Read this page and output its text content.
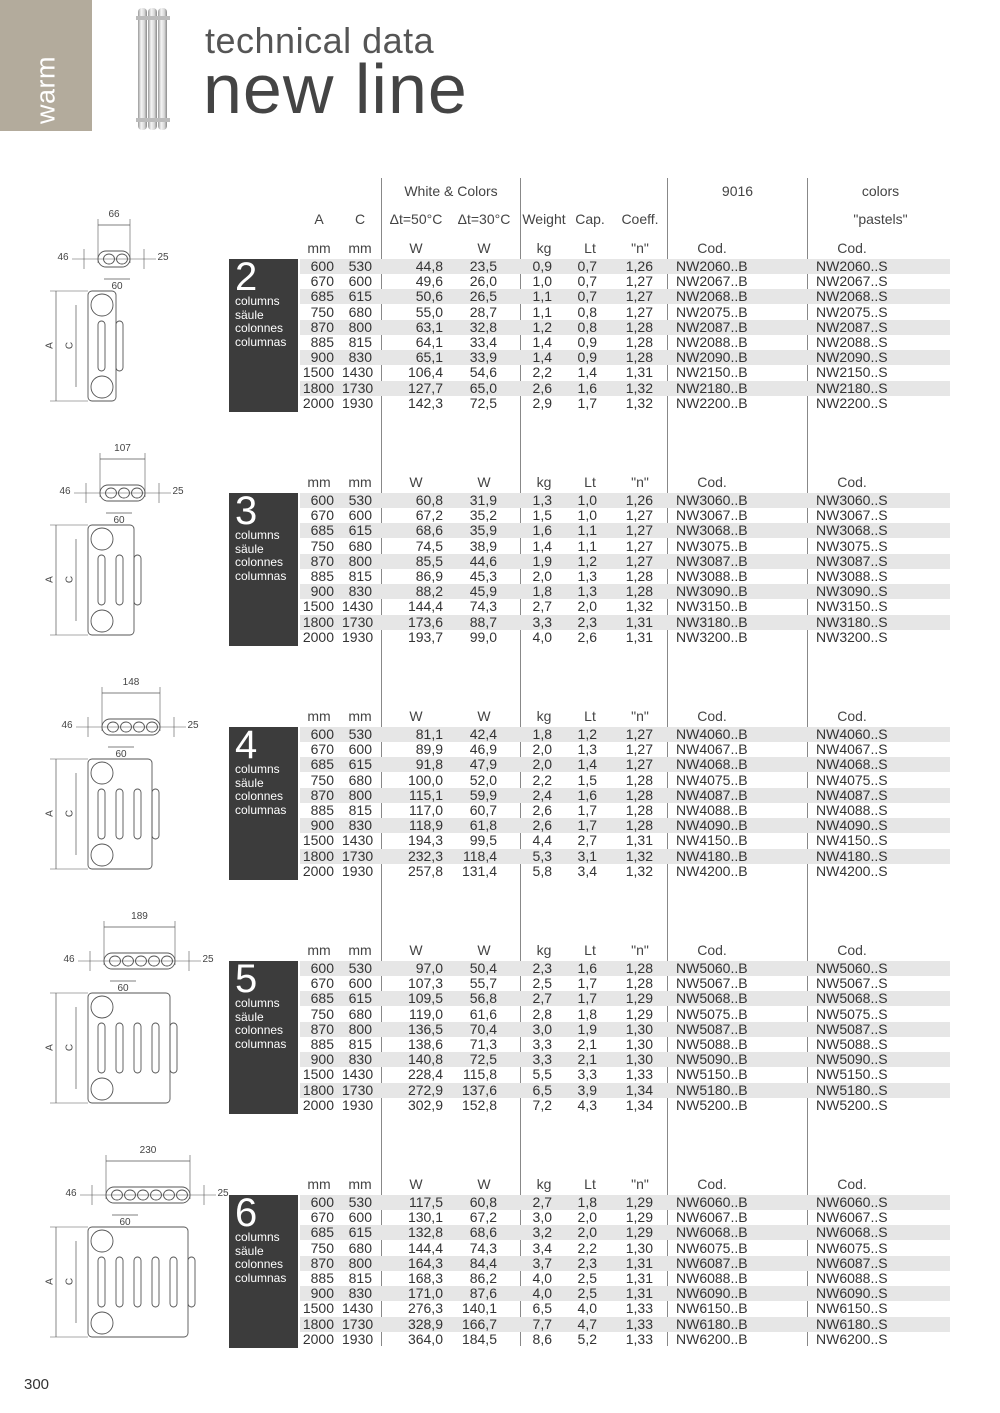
warm
technical data
new line
White & Colors	9016	colors
A	C	Δt=50°C	Δt=30°C Weight Cap.	Coeff.	"pastels"
mm	mm	W	W	kg	Lt	"n"	Cod.	Cod.
2
columns
säule
colonnes
columnas
600	530	44,8	23,5	0,9	0,7	1,26 NW2060..B	NW2060..S
670	600	49,6	26,0	1,0	0,7	1,27 NW2067..B	NW2067..S
685	615	50,6	26,5	1,1	0,7	1,27 NW2068..B	NW2068..S
750	680	55,0	28,7	1,1	0,8	1,27 NW2075..B	NW2075..S
870	800	63,1	32,8	1,2	0,8	1,28 NW2087..B	NW2087..S
885	815	64,1	33,4	1,4	0,9	1,28 NW2088..B	NW2088..S
900	830	65,1	33,9	1,4	0,9	1,28 NW2090..B	NW2090..S
1500 1430	106,4	54,6	2,2	1,4	1,31 NW2150..B	NW2150..S
1800 1730	127,7	65,0	2,6	1,6	1,32 NW2180..B	NW2180..S
2000 1930	142,3	72,5	2,9	1,7	1,32 NW2200..B	NW2200..S
66
46	25
60
A C
mm	mm	W	W	kg	Lt	"n"	Cod.	Cod.
3
columns
säule
colonnes
columnas
600	530	60,8	31,9	1,3	1,0	1,26 NW3060..B	NW3060..S
670	600	67,2	35,2	1,5	1,0	1,27 NW3067..B	NW3067..S
685	615	68,6	35,9	1,6	1,1	1,27 NW3068..B	NW3068..S
750	680	74,5	38,9	1,4	1,1	1,27 NW3075..B	NW3075..S
870	800	85,5	44,6	1,9	1,2	1,27 NW3087..B	NW3087..S
885	815	86,9	45,3	2,0	1,3	1,28 NW3088..B	NW3088..S
900	830	88,2	45,9	1,8	1,3	1,28 NW3090..B	NW3090..S
1500 1430	144,4	74,3	2,7	2,0	1,32 NW3150..B	NW3150..S
1800 1730	173,6	88,7	3,3	2,3	1,31 NW3180..B	NW3180..S
2000 1930	193,7	99,0	4,0	2,6	1,31 NW3200..B	NW3200..S
107
46	25
60
A C
mm	mm	W	W	kg	Lt	"n"	Cod.	Cod.
4
columns
säule
colonnes
columnas
600	530	81,1	42,4	1,8	1,2	1,27 NW4060..B	NW4060..S
670	600	89,9	46,9	2,0	1,3	1,27 NW4067..B	NW4067..S
685	615	91,8	47,9	2,0	1,4	1,27 NW4068..B	NW4068..S
750	680	100,0	52,0	2,2	1,5	1,28 NW4075..B	NW4075..S
870	800	115,1	59,9	2,4	1,6	1,28 NW4087..B	NW4087..S
885	815	117,0	60,7	2,6	1,7	1,28 NW4088..B	NW4088..S
900	830	118,9	61,8	2,6	1,7	1,28 NW4090..B	NW4090..S
1500 1430	194,3	99,5	4,4	2,7	1,31 NW4150..B	NW4150..S
1800 1730	232,3	118,4	5,3	3,1	1,32 NW4180..B	NW4180..S
2000 1930	257,8	131,4	5,8	3,4	1,32 NW4200..B	NW4200..S
148
46	25
60
A C
mm	mm	W	W	kg	Lt	"n"	Cod.	Cod.
5
columns
säule
colonnes
columnas
600	530	97,0	50,4	2,3	1,6	1,28 NW5060..B	NW5060..S
670	600	107,3	55,7	2,5	1,7	1,28 NW5067..B	NW5067..S
685	615	109,5	56,8	2,7	1,7	1,29 NW5068..B	NW5068..S
750	680	119,0	61,6	2,8	1,8	1,29 NW5075..B	NW5075..S
870	800	136,5	70,4	3,0	1,9	1,30 NW5087..B	NW5087..S
885	815	138,6	71,3	3,3	2,1	1,30 NW5088..B	NW5088..S
900	830	140,8	72,5	3,3	2,1	1,30 NW5090..B	NW5090..S
1500 1430	228,4	115,8	5,5	3,3	1,33 NW5150..B	NW5150..S
1800 1730	272,9	137,6	6,5	3,9	1,34 NW5180..B	NW5180..S
2000 1930	302,9	152,8	7,2	4,3	1,34 NW5200..B	NW5200..S
189
46	25
60
A C
mm	mm	W	W	kg	Lt	"n"	Cod.	Cod.
6
columns
säule
colonnes
columnas
600	530	117,5	60,8	2,7	1,8	1,29 NW6060..B	NW6060..S
670	600	130,1	67,2	3,0	2,0	1,29 NW6067..B	NW6067..S
685	615	132,8	68,6	3,2	2,0	1,29 NW6068..B	NW6068..S
750	680	144,4	74,3	3,4	2,2	1,30 NW6075..B	NW6075..S
870	800	164,3	84,4	3,7	2,3	1,31 NW6087..B	NW6087..S
885	815	168,3	86,2	4,0	2,5	1,31 NW6088..B	NW6088..S
900	830	171,0	87,6	4,0	2,5	1,31 NW6090..B	NW6090..S
1500 1430	276,3	140,1	6,5	4,0	1,33 NW6150..B	NW6150..S
1800 1730	328,9	166,7	7,7	4,7	1,33 NW6180..B	NW6180..S
2000 1930	364,0	184,5	8,6	5,2	1,33 NW6200..B	NW6200..S
230
46	25
60
A C
300
